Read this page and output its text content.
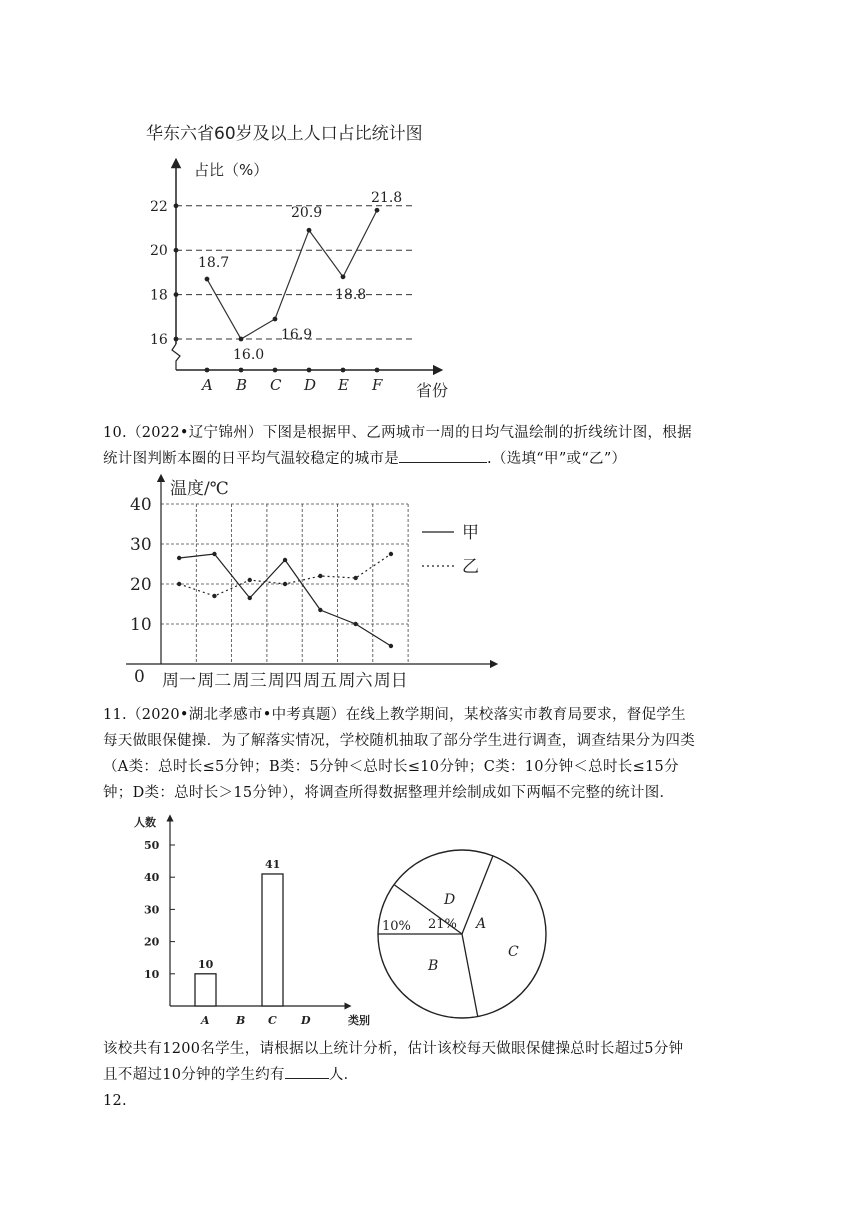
华东六省60岁及以上人口占比统计图
16
18
20
22
占比（%）
省份
A
18.7
B
16.0
C
16.9
D
20.9
E
18.8
F
21.8
10.（2022•辽宁锦州）下图是根据甲、乙两城市一周的日均气温绘制的折线统计图，根据
统计图判断本圈的日平均气温较稳定的城市是	.（选填“甲”或“乙”）
0
10
20
30
40
温度/℃
周一 周二 周三 周四 周五 周六 周日
甲
乙
11.（2020•湖北孝感市•中考真题）在线上教学期间，某校落实市教育局要求，督促学生
每天做眼保健操．为了解落实情况，学校随机抽取了部分学生进行调查，调查结果分为四类
（A类：总时长≤5分钟；B类：5分钟＜总时长≤10分钟；C类：10分钟＜总时长≤15分
钟；D类：总时长＞15分钟），将调查所得数据整理并绘制成如下两幅不完整的统计图．
人数
类别
10
20
30
40
50
A
10
B C
41
D
A
10%
D
21%
C
B
该校共有1200名学生，请根据以上统计分析，估计该校每天做眼保健操总时长超过5分钟
且不超过10分钟的学生约有	人．
12.
